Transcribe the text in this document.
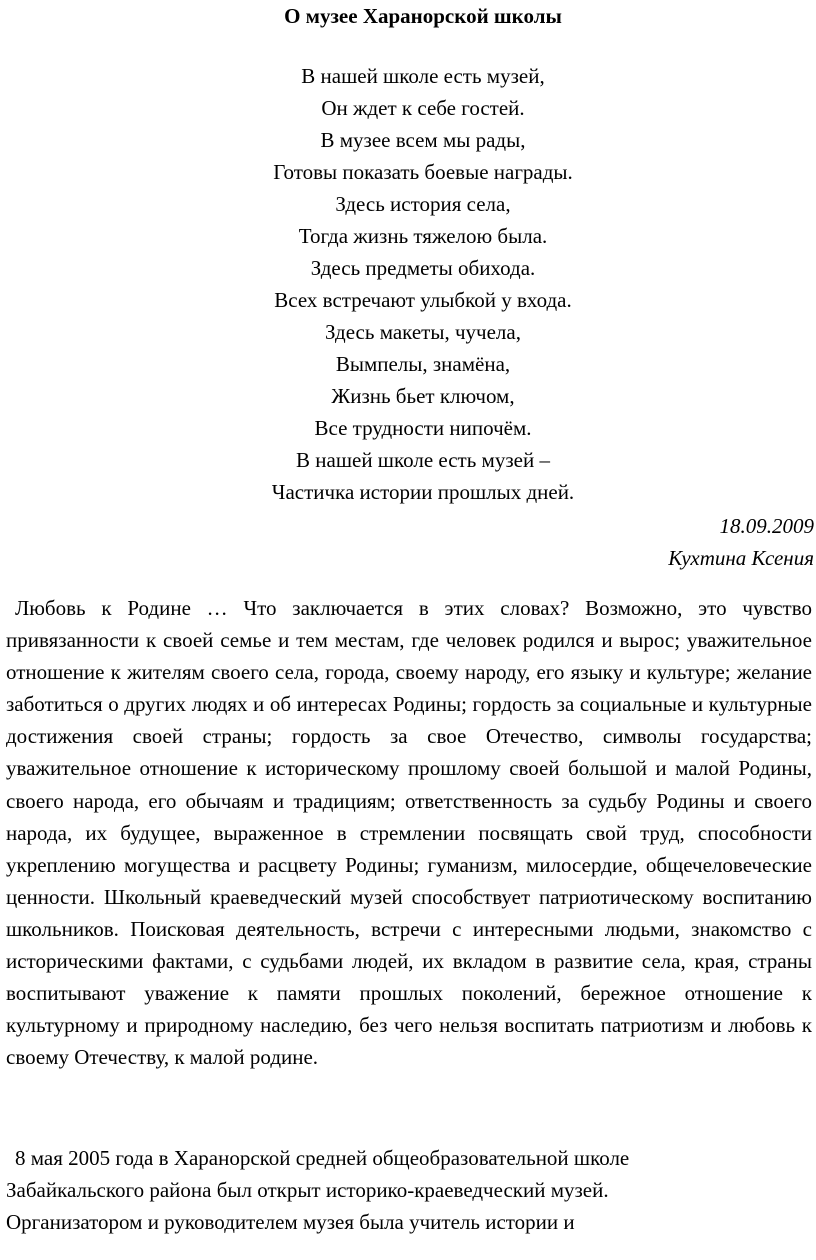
О музее Харанорской школы
В нашей школе есть музей,
Он ждет к себе гостей.
В музее всем мы рады,
Готовы показать боевые награды.
Здесь история села,
Тогда жизнь тяжелою была.
Здесь предметы обихода.
Всех встречают улыбкой у входа.
Здесь макеты, чучела,
Вымпелы, знамёна,
Жизнь бьет ключом,
Все трудности нипочём.
В нашей школе есть музей –
Частичка истории прошлых дней.
18.09.2009
Кухтина Ксения

Любовь к Родине … Что заключается в этих словах? Возможно, это чувство привязанности к своей семье и тем местам, где человек родился и вырос; уважительное отношение к жителям своего села, города, своему народу, его языку и культуре; желание заботиться о других людях и об интересах Родины; гордость за социальные и культурные достижения своей страны; гордость за свое Отечество, символы государства; уважительное отношение к историческому прошлому своей большой и малой Родины, своего народа, его обычаям и традициям; ответственность за судьбу Родины и своего народа, их будущее, выраженное в стремлении посвящать свой труд, способности укреплению могущества и расцвету Родины; гуманизм, милосердие, общечеловеческие ценности. Школьный краеведческий музей способствует патриотическому воспитанию школьников. Поисковая деятельность, встречи с интересными людьми, знакомство с историческими фактами, с судьбами людей, их вкладом в развитие села, края, страны воспитывают уважение к памяти прошлых поколений, бережное отношение к культурному и природному наследию, без чего нельзя воспитать патриотизм и любовь к своему Отечеству, к малой родине.

8 мая 2005 года в Харанорской средней общеобразовательной школе
Забайкальского района был открыт историко-краеведческий музей.
Организатором и руководителем музея была учитель истории и
